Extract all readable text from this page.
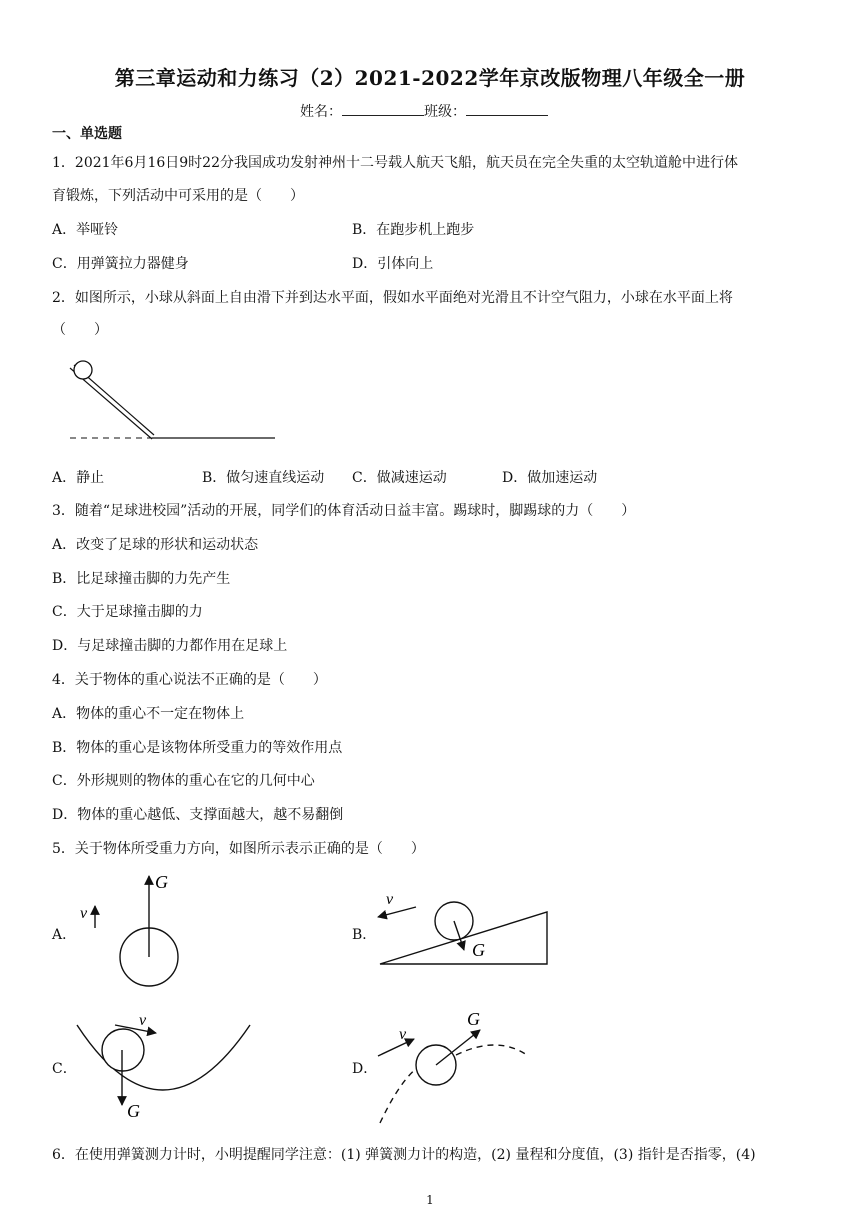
第三章运动和力练习（2）2021-2022学年京改版物理八年级全一册
姓名：	班级：
一、单选题
1．2021年6月16日9时22分我国成功发射神州十二号载人航天飞船，航天员在完全失重的太空轨道舱中进行体
育锻炼，下列活动中可采用的是（　　）
A．举哑铃	B．在跑步机上跑步
C．用弹簧拉力器健身	D．引体向上
2．如图所示，小球从斜面上自由滑下并到达水平面，假如水平面绝对光滑且不计空气阻力，小球在水平面上将
（　　）
A．静止	B．做匀速直线运动 C．做减速运动	D．做加速运动
3．随着“足球进校园”活动的开展，同学们的体育活动日益丰富。踢球时，脚踢球的力（　　）
A．改变了足球的形状和运动状态
B．比足球撞击脚的力先产生
C．大于足球撞击脚的力
D．与足球撞击脚的力都作用在足球上
4．关于物体的重心说法不正确的是（　　）
A．物体的重心不一定在物体上
B．物体的重心是该物体所受重力的等效作用点
C．外形规则的物体的重心在它的几何中心
D．物体的重心越低、支撑面越大，越不易翻倒
5．关于物体所受重力方向，如图所示表示正确的是（　　）
A．
v
G
B．
v
G
C．
v
G
D．
v
G
6．在使用弹簧测力计时，小明提醒同学注意：(1) 弹簧测力计的构造，(2) 量程和分度值，(3) 指针是否指零，(4)
1
